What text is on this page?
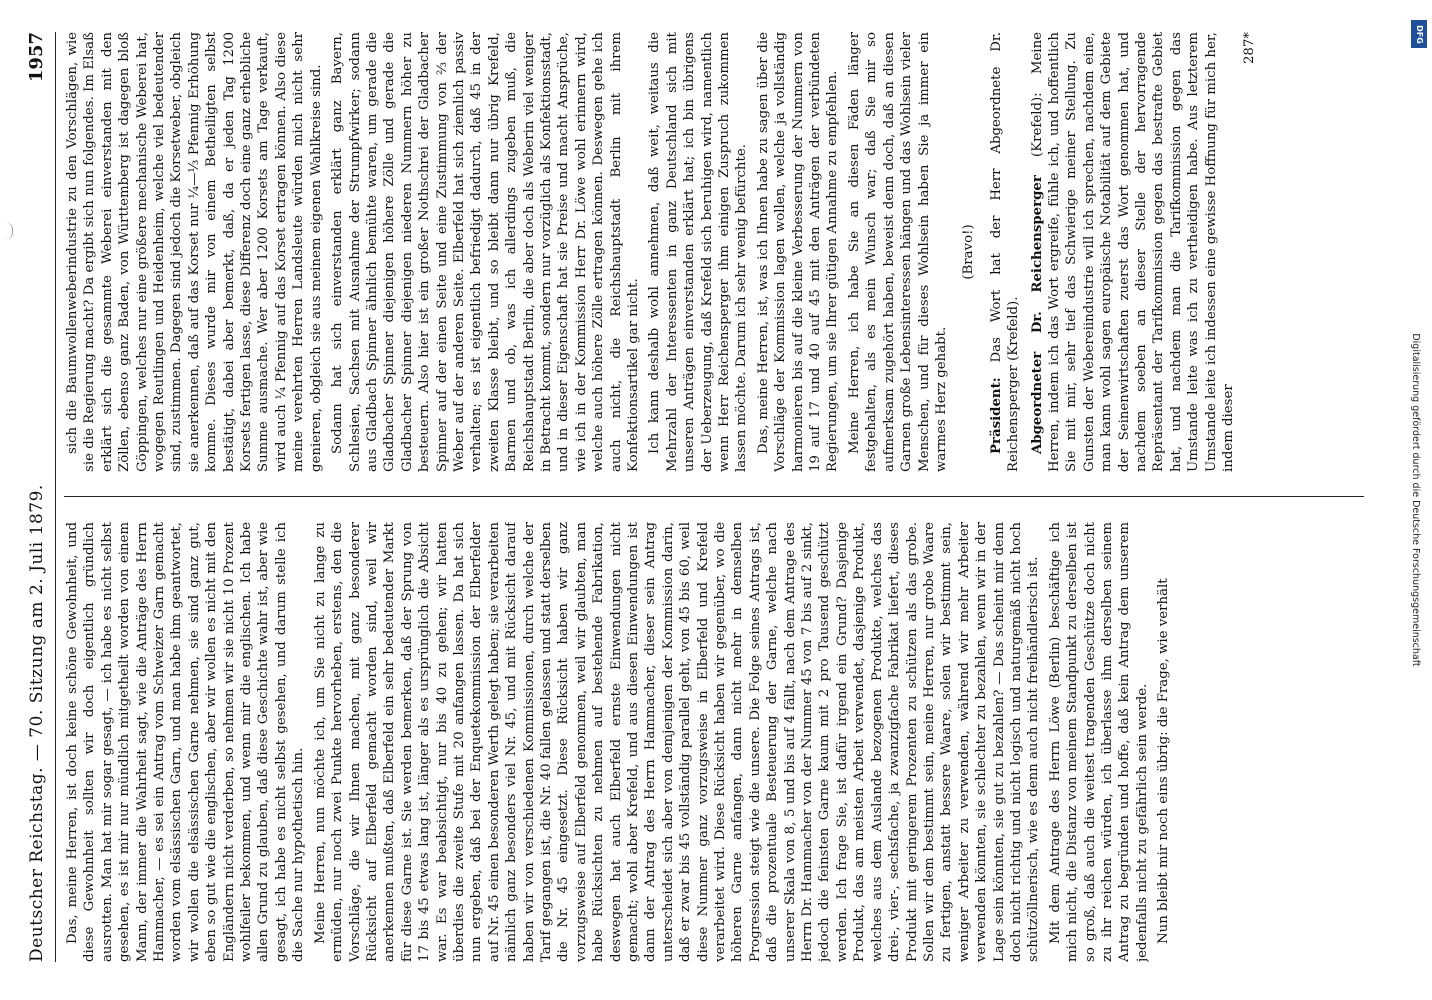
Deutscher Reichstag. — 70. Sitzung am 2. Juli 1879.
1957

Das, meine Herren, ist doch keine schöne Gewohnheit, und diese Gewohnheit sollten wir doch eigentlich gründlich ausrotten. Man hat mir sogar gesagt, — ich habe es nicht selbst gesehen, es ist mir nur mündlich mitgetheilt worden von einem Mann, der immer die Wahrheit sagt, wie die Anträge des Herrn Hammacher, — es sei ein Antrag vom Schweizer Garn gemacht worden vom elsässischen Garn, und man habe ihm geantwortet, wir wollen die elsässischen Garne nehmen, sie sind ganz gut, eben so gut wie die englischen, aber wir wollen es nicht mit den Engländern nicht verderben, so nehmen wir sie nicht 10 Prozent wohlfeiler bekommen, und wenn mir die englischen. Ich habe allen Grund zu glauben, daß diese Geschichte wahr ist, aber wie gesagt, ich habe es nicht selbst gesehen, und darum stelle ich die Sache nur hypothetisch hin. Meine Herren, nun möchte ich, um Sie nicht zu lange zu ermüden, nur noch zwei Punkte hervorheben, erstens, den die Vorschläge, die wir Ihnen machen, mit ganz besonderer Rücksicht auf Elberfeld gemacht worden sind, weil wir anerkennen mußten, daß Elberfeld ein sehr bedeutender Markt für diese Garne ist. Sie werden bemerken, daß der Sprung von 17 bis 45 etwas lang ist, länger als es ursprünglich die Absicht war. Es war beabsichtigt, nur bis 40 zu gehen; wir hatten überdies die zweite Stufe mit 20 anfangen lassen. Da hat sich nun ergeben, daß bei der Enquetekommission der Elberfelder auf Nr. 45 einen besonderen Werth gelegt haben; sie verarbeiten nämlich ganz besonders viel Nr. 45, und mit Rücksicht darauf haben wir von verschiedenen Kommissionen, durch welche der Tarif gegangen ist, die Nr. 40 fallen gelassen und statt derselben die Nr. 45 eingesetzt. Diese Rücksicht haben wir ganz vorzugsweise auf Elberfeld genommen, weil wir glaubten, man habe Rücksichten zu nehmen auf bestehende Fabrikation, deswegen hat auch Elberfeld ernste Einwendungen nicht gemacht; wohl aber Krefeld, und aus diesen Einwendungen ist dann der Antrag des Herrn Hammacher, dieser sein Antrag unterscheidet sich aber von demjenigen der Kommission darin, daß er zwar bis 45 vollständig parallel geht, von 45 bis 60, weil diese Nummer ganz vorzugsweise in Elberfeld und Krefeld verarbeitet wird. Diese Rücksicht haben wir gegenüber, wo die höheren Garne anfangen, dann nicht mehr in demselben Progression steigt wie die unsere. Die Folge seines Antrags ist, daß die prozentuale Besteuerung der Garne, welche nach unserer Skala von 8, 5 und bis auf 4 fällt, nach dem Antrage des Herrn Dr. Hammacher von der Nummer 45 von 7 bis auf 2 sinkt, jedoch die feinsten Garne kaum mit 2 pro Tausend geschützt werden. Ich frage Sie, ist dafür irgend ein Grund? Dasjenige Produkt, das am meisten Arbeit verwendet, dasjenige Produkt, welches aus dem Auslande bezogenen Produkte, welches das drei-, vier-, sechsfache, ja zwanzigfache Fabrikat liefert, dieses Produkt mit geringerem Prozenten zu schützen als das grobe. Sollen wir dem bestimmt sein, meine Herren, nur grobe Waare zu fertigen, anstatt bessere Waare, solen wir bestimmt sein, weniger Arbeiter zu verwenden, während wir mehr Arbeiter verwenden könnten, sie schlechter zu bezahlen, wenn wir in der Lage sein könnten, sie gut zu bezahlen? — Das scheint mir denn doch nicht richtig und nicht logisch und naturgemäß nicht hoch schützöllnerisch, wie es denn auch nicht freihändlerisch ist. Mit dem Antrage des Herrn Löwe (Berlin) beschäftige ich mich nicht, die Distanz von meinem Standpunkt zu derselben ist so groß, daß auch die weitest tragenden Geschütze doch nicht zu ihr reichen würden, ich überlasse ihm derselben seinem Antrag zu begründen und hoffe, daß kein Antrag dem unserem jedenfalls nicht zu gefährlich sein werde. Nun bleibt mir noch eins übrig: die Frage, wie verhält

sich die Baumwollenweberindustrie zu den Vorschlägen, wie sie die Regierung macht? Da ergibt sich nun folgendes. Im Elsaß erklärt sich die gesammte Weberei einverstanden mit den Zöllen, ebenso ganz Baden, von Württemberg ist dagegen bloß Göppingen, welches nur eine größere mechanische Weberei hat, wogegen Reutlingen und Heidenheim, welche viel bedeutender sind, zustimmen. Dagegen sind jedoch die Korsetweber, obgleich sie anerkennen, daß auf das Korset nur ¼—⅓ Pfennig Erhöhung komme. Dieses wurde mir von einem Betheiligten selbst bestätigt, dabei aber bemerkt, daß, da er jeden Tag 1200 Korsets fertigen lasse, diese Differenz doch eine ganz erhebliche Summe ausmache. Wer aber 1200 Korsets am Tage verkauft, wird auch ¼ Pfennig auf das Korset ertragen können. Also diese meine verehrten Herren Landsleute würden mich nicht sehr genieren, obgleich sie aus meinem eigenen Wahlkreise sind. Sodann hat sich einverstanden erklärt ganz Bayern, Schlesien, Sachsen mit Ausnahme der Strumpfwirker; sodann aus Gladbach Spinner ähnlich bemühte waren, um gerade die Gladbacher Spinner diejenigen höhere Zölle und gerade die Gladbacher Spinner diejenigen niederen Nummern höher zu besteuern. Also hier ist ein großer Nothschrei der Gladbacher Spinner auf der einen Seite und eine Zustimmung von ⅔ der Weber auf der anderen Seite. Elberfeld hat sich ziemlich passiv verhalten; es ist eigentlich befriedigt dadurch, daß 45 in der zweiten Klasse bleibt, und so bleibt dann nur übrig Krefeld, Barmen und ob, was ich allerdings zugeben muß, die Reichshauptstadt Berlin, die aber doch als Weberin viel weniger in Betracht kommt, sondern nur vorzüglich als Konfektionsstadt, und in dieser Eigenschaft hat sie Preise und macht Ansprüche, wie ich in der Kommission Herr Dr. Löwe wohl erinnern wird, welche auch höhere Zölle ertragen können. Deswegen gehe ich auch nicht, die Reichshauptstadt Berlin mit ihrem Konfektionsartikel gar nicht. Ich kann deshalb wohl annehmen, daß weit, weitaus die Mehrzahl der Interessenten in ganz Deutschland sich mit unseren Anträgen einverstanden erklärt hat; ich bin übrigens der Ueberzeugung, daß Krefeld sich beruhigen wird, namentlich wenn Herr Reichensperger ihm einigen Zuspruch zukommen lassen möchte. Darum ich sehr wenig befürchte. Das, meine Herren, ist, was ich Ihnen habe zu sagen über die Vorschläge der Kommission lagen wollen, welche ja vollständig harmonieren bis auf die kleine Verbesserung der Nummern von 19 auf 17 und 40 auf 45 mit den Anträgen der verbündeten Regierungen, um sie Ihrer gütigen Annahme zu empfehlen. Meine Herren, ich habe Sie an diesen Fäden länger festgehalten, als es mein Wunsch war; daß Sie mir so aufmerksam zugehört haben, beweist denn doch, daß an diesen Garnen große Lebensinteressen hängen und das Wohlsein vieler Menschen, und für dieses Wohlsein haben Sie ja immer ein warmes Herz gehabt.

(Bravo!)

Präsident: Das Wort hat der Herr Abgeordnete Dr. Reichensperger (Krefeld). Abgeordneter Dr. Reichensperger (Krefeld): Meine Herren, indem ich das Wort ergreife, fühle ich, und hoffentlich Sie mit mir, sehr tief das Schwierige meiner Stellung. Zu Gunsten der Webereiindustrie will ich sprechen, nachdem eine, man kann wohl sagen europäische Notabilität auf dem Gebiete der Seinenwirtschaften zuerst das Wort genommen hat, und nachdem soeben an dieser Stelle der hervorragende Repräsentant der Tarifkommission gegen das bestrafte Gebiet hat, und nachdem man die Tarifkommission gegen das Umstande leite was ich zu vertheidigen habe. Aus letzterem Umstande leite ich indessen eine gewisse Hoffnung für mich her, indem dieser

287*

Digitalisierung gefördert durch die Deutsche Forschungsgemeinschaft
DFG
